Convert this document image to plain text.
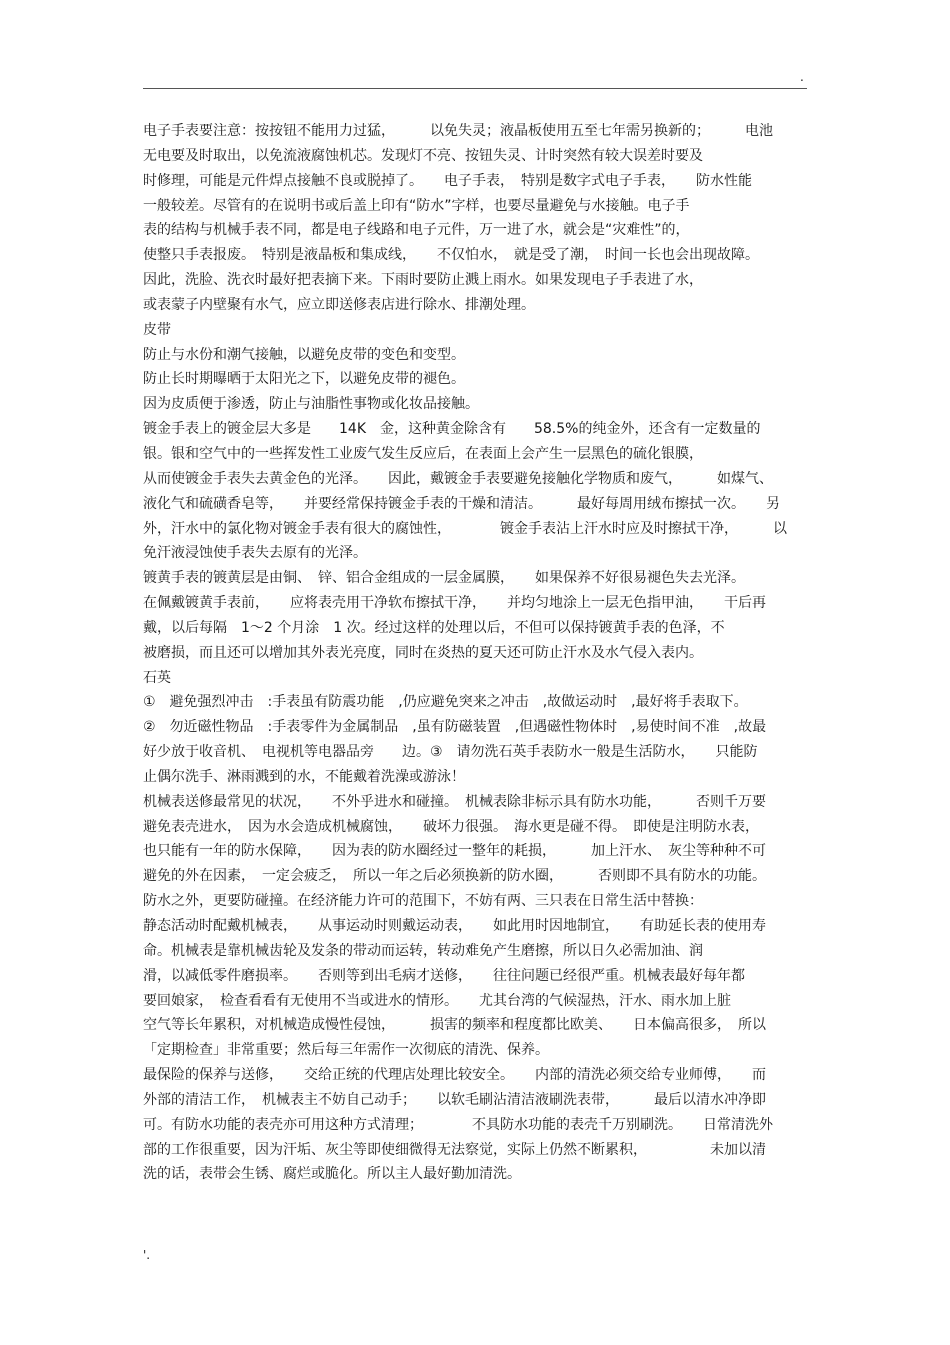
.
电子手表要注意：按按钮不能用力过猛，　　　以免失灵；液晶板使用五至七年需另换新的；　　　电池
无电要及时取出，以免流液腐蚀机芯。发现灯不亮、按钮失灵、计时突然有较大误差时要及
时修理，可能是元件焊点接触不良或脱掉了。　　电子手表，　特别是数字式电子手表，　　防水性能
一般较差。尽管有的在说明书或后盖上印有“防水”字样，也要尽量避免与水接触。电子手
表的结构与机械手表不同，都是电子线路和电子元件，万一进了水，就会是“灾难性”的，
使整只手表报废。　特别是液晶板和集成线，　　不仅怕水，　就是受了潮，　时间一长也会出现故障。
因此，洗脸、洗衣时最好把表摘下来。下雨时要防止溅上雨水。如果发现电子手表进了水，
或表蒙子内壁聚有水气，应立即送修表店进行除水、排潮处理。
皮带
防止与水份和潮气接触，以避免皮带的变色和变型。
防止长时期曝晒于太阳光之下，以避免皮带的褪色。
因为皮质便于渗透，防止与油脂性事物或化妆品接触。
镀金手表上的镀金层大多是　　14K　金，这种黄金除含有　　58.5%的纯金外，还含有一定数量的
银。银和空气中的一些挥发性工业废气发生反应后，在表面上会产生一层黑色的硫化银膜，
从而使镀金手表失去黄金色的光泽。　　因此，戴镀金手表要避免接触化学物质和废气，　　　如煤气、
液化气和硫磺香皂等，　　并要经常保持镀金手表的干燥和清洁。　　　最好每周用绒布擦拭一次。　　另
外，汗水中的氯化物对镀金手表有很大的腐蚀性，　　　　镀金手表沾上汗水时应及时擦拭干净，　　　以
免汗液浸蚀使手表失去原有的光泽。
镀黄手表的镀黄层是由铜、　锌、铝合金组成的一层金属膜，　　如果保养不好很易褪色失去光泽。
在佩戴镀黄手表前，　　应将表壳用干净软布擦拭干净，　　并均匀地涂上一层无色指甲油，　　干后再
戴，以后每隔　1～2 个月涂　1 次。经过这样的处理以后，不但可以保持镀黄手表的色泽，不
被磨损，而且还可以增加其外表光亮度，同时在炎热的夏天还可防止汗水及水气侵入表内。
石英
①　避免强烈冲击　:手表虽有防震功能　,仍应避免突来之冲击　,故做运动时　,最好将手表取下。
②　勿近磁性物品　:手表零件为金属制品　,虽有防磁装置　,但遇磁性物体时　,易使时间不准　,故最
好少放于收音机、　电视机等电器品旁　　边。③　请勿洗石英手表防水一般是生活防水，　　只能防
止偶尔洗手、淋雨溅到的水，不能戴着洗澡或游泳！
机械表送修最常见的状况，　　不外乎进水和碰撞。　机械表除非标示具有防水功能，　　　否则千万要
避免表壳进水，　因为水会造成机械腐蚀，　　破坏力很强。　海水更是碰不得。　即使是注明防水表，
也只能有一年的防水保障，　　因为表的防水圈经过一整年的耗损，　　　加上汗水、　灰尘等种种不可
避免的外在因素，　一定会疲乏，　所以一年之后必须换新的防水圈，　　　否则即不具有防水的功能。
防水之外，更要防碰撞。在经济能力许可的范围下，不妨有两、三只表在日常生活中替换：
静态活动时配戴机械表，　　从事运动时则戴运动表，　　如此用时因地制宜，　　有助延长表的使用寿
命。机械表是靠机械齿轮及发条的带动而运转，转动难免产生磨擦，所以日久必需加油、润
滑，以减低零件磨损率。　　否则等到出毛病才送修，　　往往问题已经很严重。机械表最好每年都
要回娘家，　检查看看有无使用不当或进水的情形。　　尤其台湾的气候湿热，汗水、雨水加上脏
空气等长年累积，对机械造成慢性侵蚀，　　　损害的频率和程度都比欧美、　　日本偏高很多，　所以
「定期检查」非常重要；然后每三年需作一次彻底的清洗、保养。
最保险的保养与送修，　　交给正统的代理店处理比较安全。　　内部的清洗必须交给专业师傅，　　而
外部的清洁工作，　机械表主不妨自己动手；　　以软毛刷沾清洁液刷洗表带，　　　最后以清水冲净即
可。有防水功能的表壳亦可用这种方式清理；　　　　不具防水功能的表壳千万别刷洗。　　日常清洗外
部的工作很重要，因为汗垢、灰尘等即使细微得无法察觉，实际上仍然不断累积，　　　　　未加以清
洗的话，表带会生锈、腐烂或脆化。所以主人最好勤加清洗。
'.
